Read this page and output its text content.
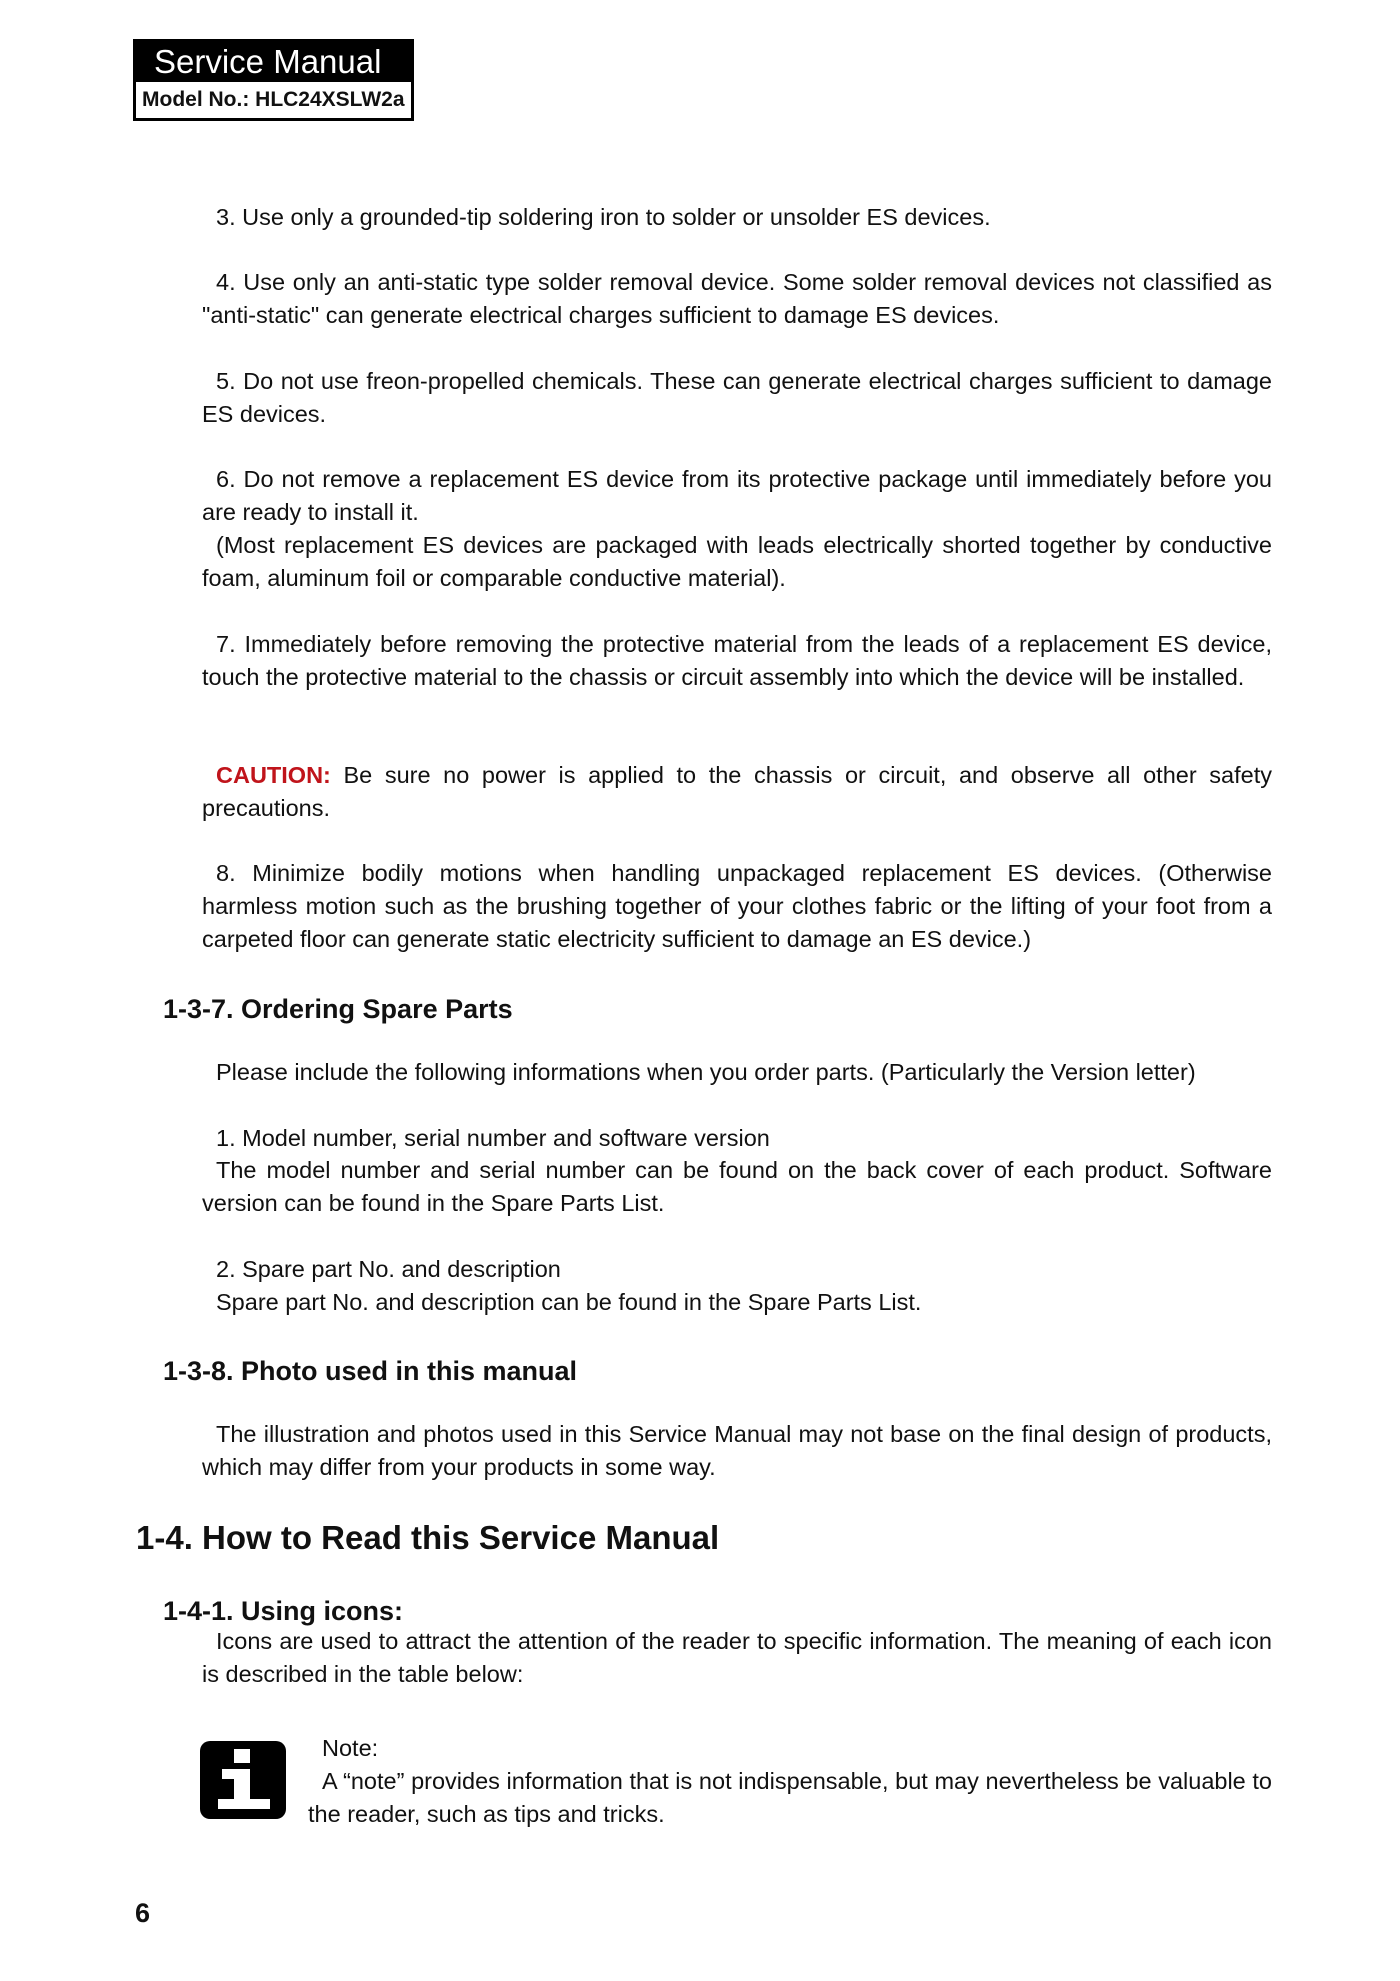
Service Manual
Model No.: HLC24XSLW2a

3. Use only a grounded-tip soldering iron to solder or unsolder ES devices.

4. Use only an anti-static type solder removal device. Some solder removal devices not classified as "anti-static" can generate electrical charges sufficient to damage ES devices.

5. Do not use freon-propelled chemicals. These can generate electrical charges sufficient to damage ES devices.

6. Do not remove a replacement ES device from its protective package until immediately before you are ready to install it.

(Most replacement ES devices are packaged with leads electrically shorted together by conductive foam, aluminum foil or comparable conductive material).

7. Immediately before removing the protective material from the leads of a replacement ES device, touch the protective material to the chassis or circuit assembly into which the device will be installed.

CAUTION: Be sure no power is applied to the chassis or circuit, and observe all other safety precautions.

8. Minimize bodily motions when handling unpackaged replacement ES devices. (Otherwise harmless motion such as the brushing together of your clothes fabric or the lifting of your foot from a carpeted floor can generate static electricity sufficient to damage an ES device.)

1-3-7. Ordering Spare Parts

Please include the following informations when you order parts. (Particularly the Version letter)

1. Model number, serial number and software version

The model number and serial number can be found on the back cover of each product. Software version can be found in the Spare Parts List.

2. Spare part No. and description

Spare part No. and description can be found in the Spare Parts List.

1-3-8. Photo used in this manual

The illustration and photos used in this Service Manual may not base on the final design of products, which may differ from your products in some way.

1-4. How to Read this Service Manual
1-4-1. Using icons:

Icons are used to attract the attention of the reader to specific information. The meaning of each icon is described in the table below:

Note:
A “note” provides information that is not indispensable, but may nevertheless be valuable to the reader, such as tips and tricks.
6
